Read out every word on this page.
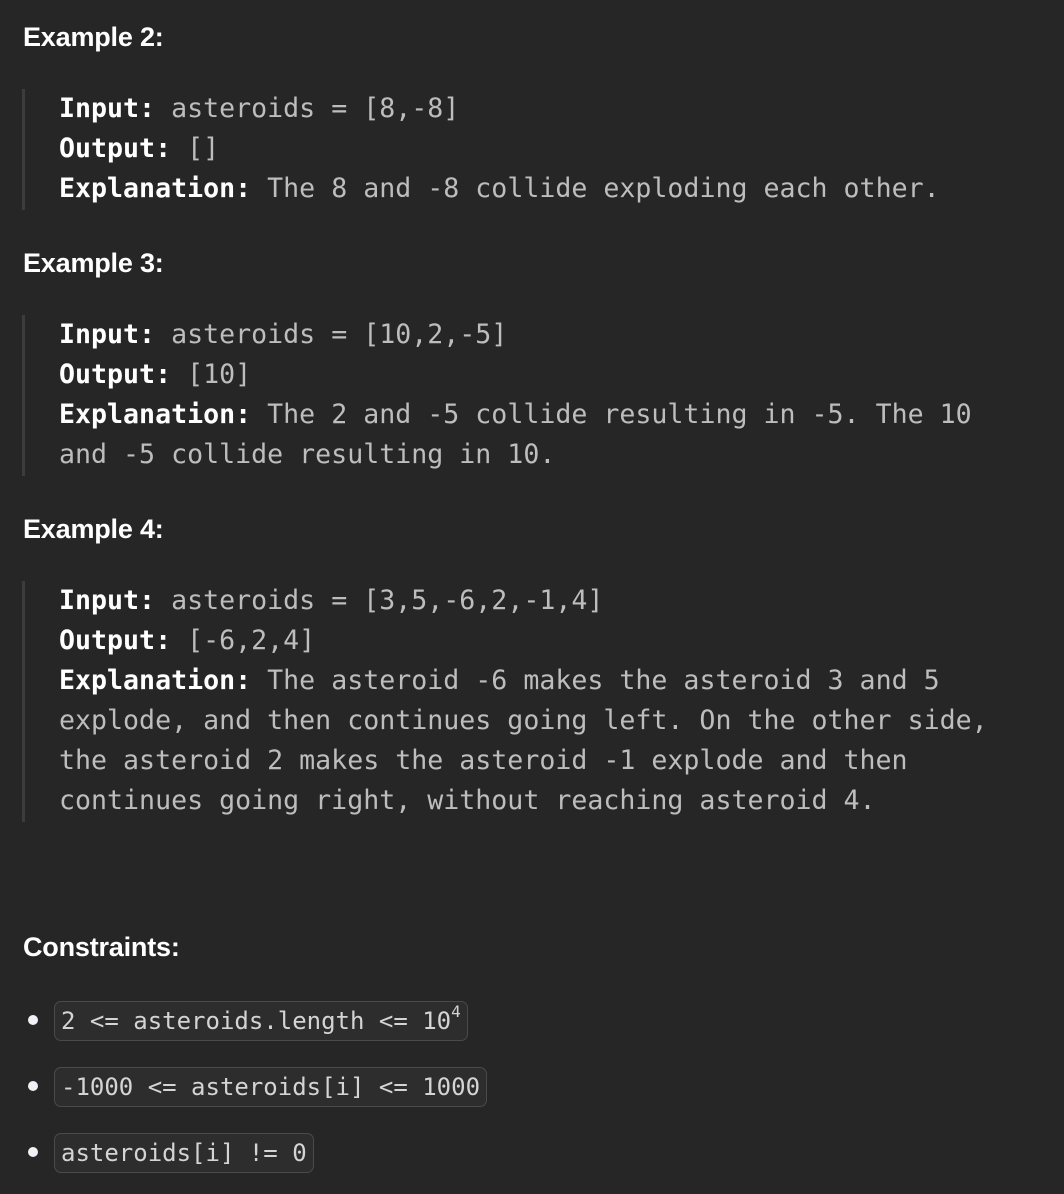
Example 2:
Input: asteroids = [8,-8]
Output: []
Explanation: The 8 and -8 collide exploding each other.
Example 3:
Input: asteroids = [10,2,-5]
Output: [10]
Explanation: The 2 and -5 collide resulting in -5. The 10
and -5 collide resulting in 10.
Example 4:
Input: asteroids = [3,5,-6,2,-1,4]
Output: [-6,2,4]
Explanation: The asteroid -6 makes the asteroid 3 and 5
explode, and then continues going left. On the other side,
the asteroid 2 makes the asteroid -1 explode and then
continues going right, without reaching asteroid 4.
Constraints:
2 <= asteroids.length <= $10^4$
-1000 <= asteroids[i] <= 1000
asteroids[i] != 0
